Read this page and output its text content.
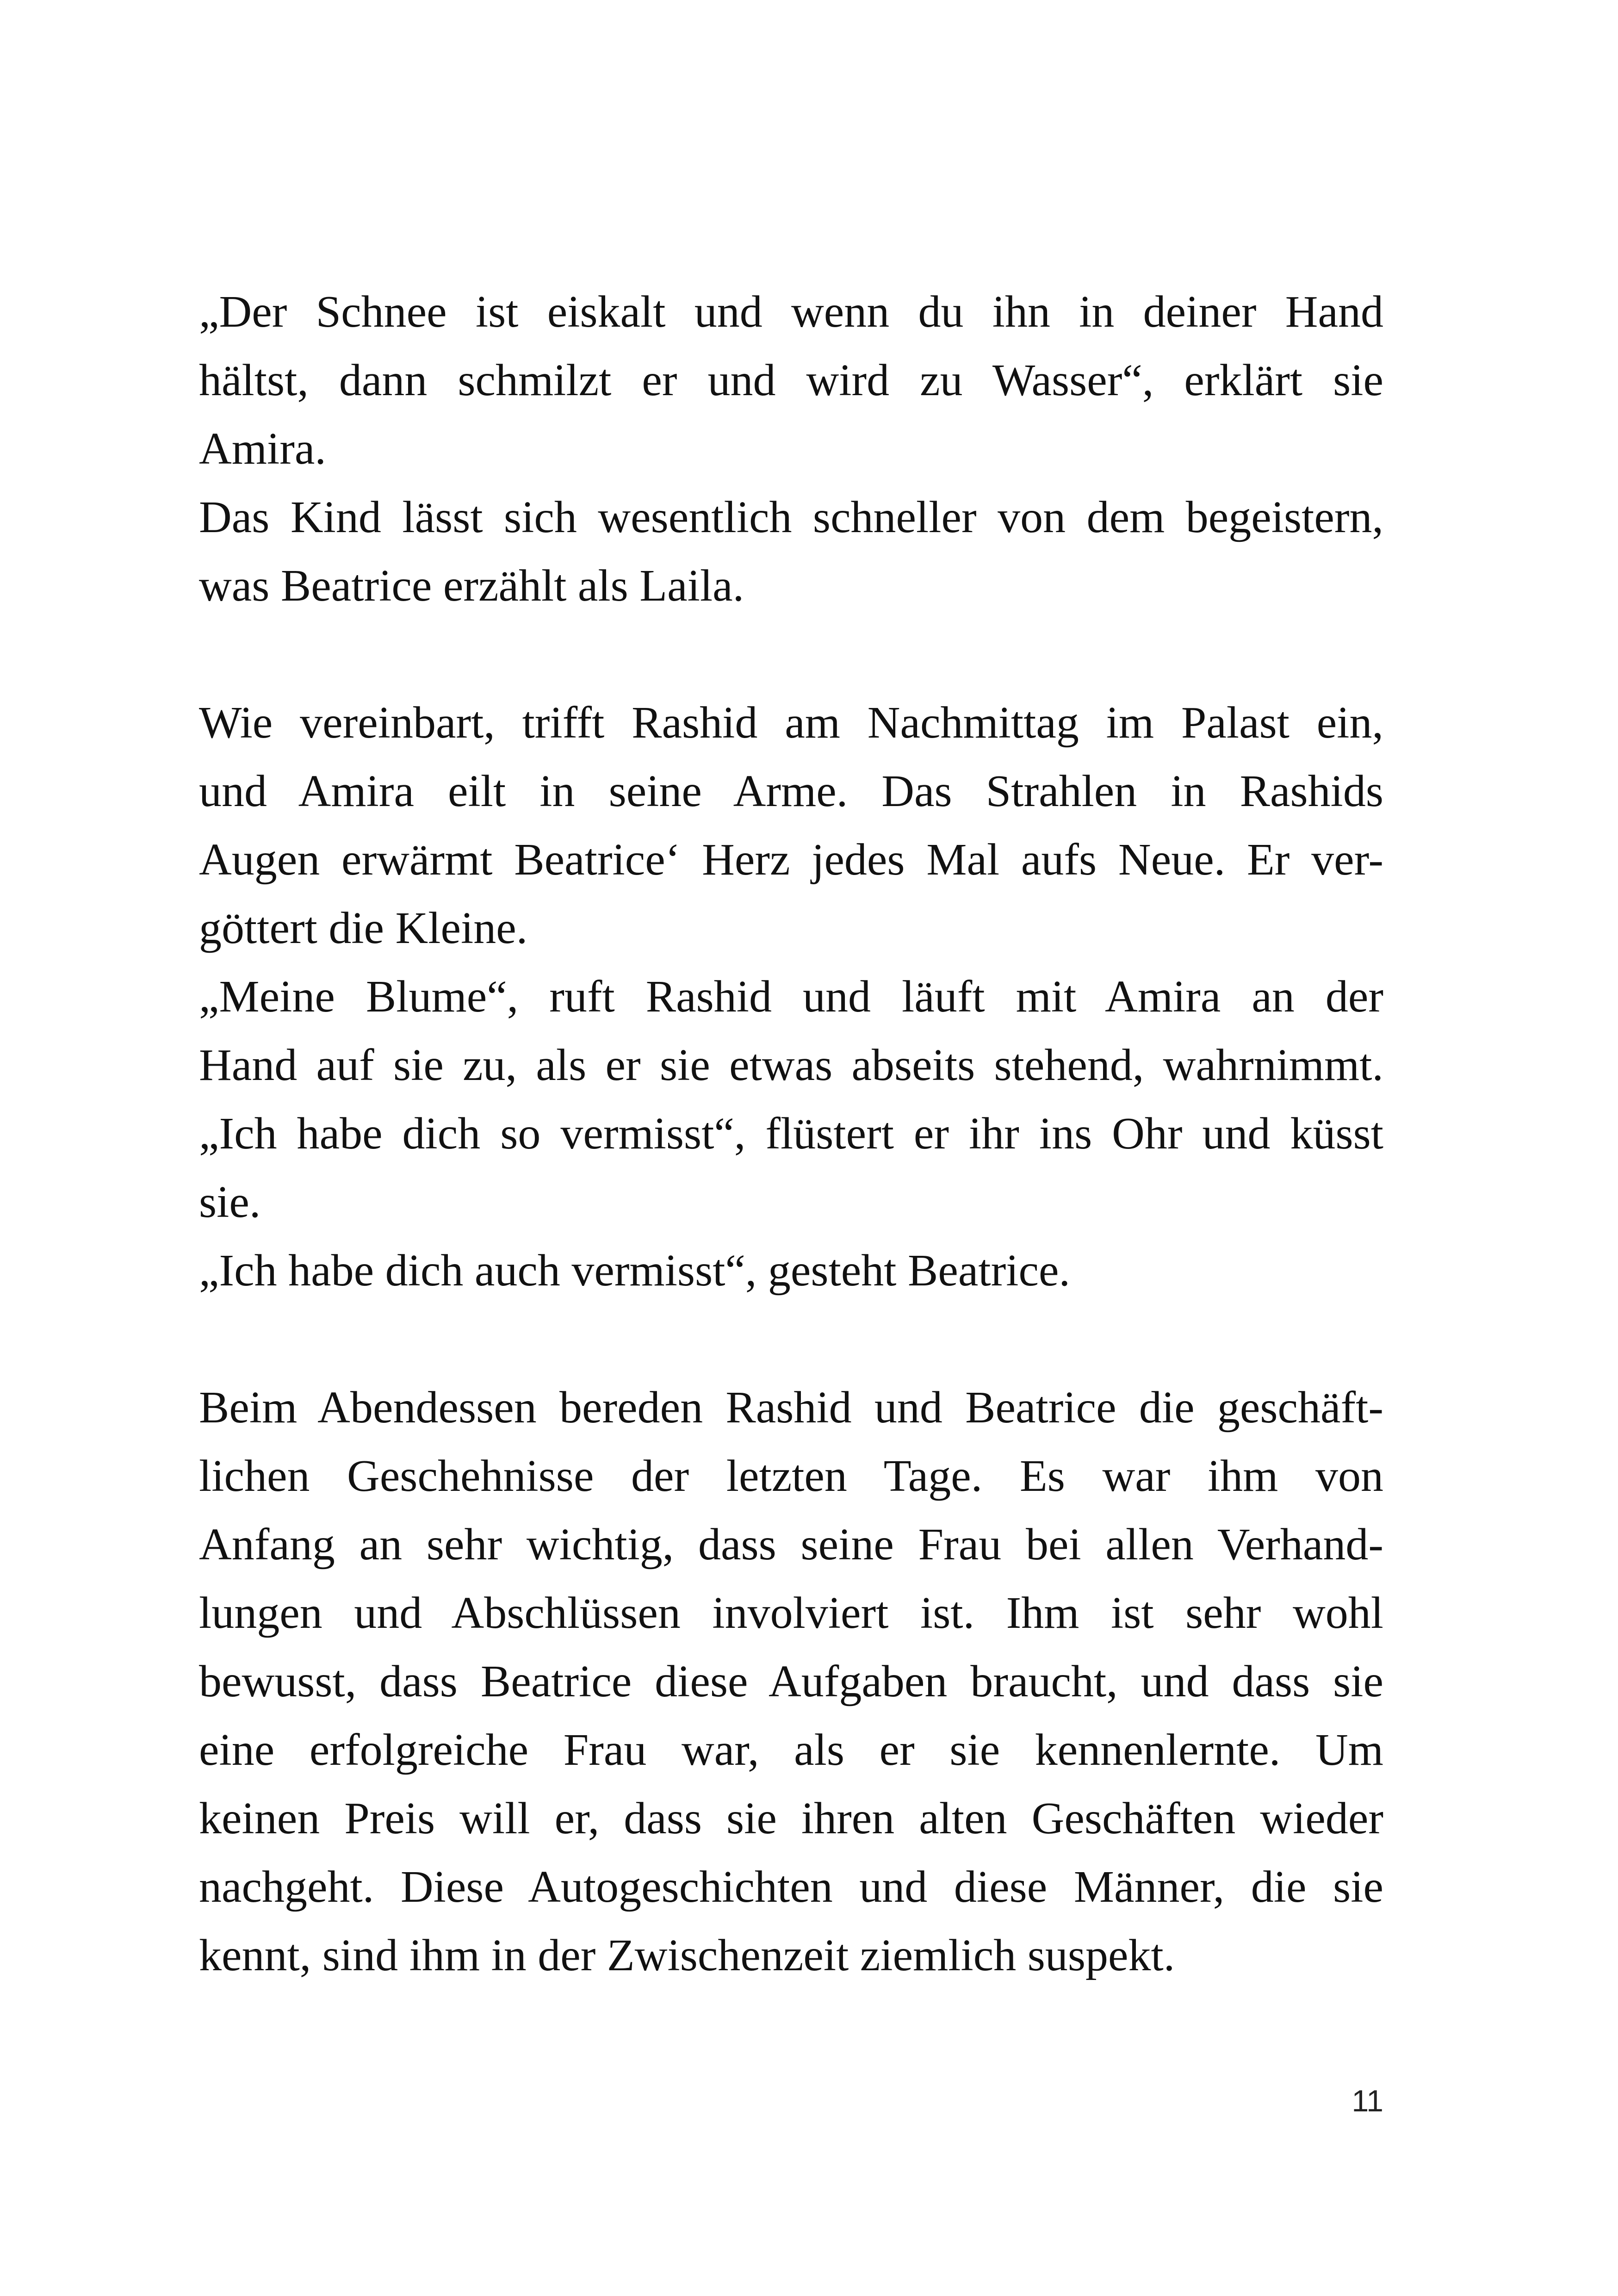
„Der Schnee ist eiskalt und wenn du ihn in deiner Hand
hältst, dann schmilzt er und wird zu Wasser“, erklärt sie
Amira.
Das Kind lässt sich wesentlich schneller von dem begeistern,
was Beatrice erzählt als Laila.
Wie vereinbart, trifft Rashid am Nachmittag im Palast ein,
und Amira eilt in seine Arme. Das Strahlen in Rashids
Augen erwärmt Beatrice‘ Herz jedes Mal aufs Neue. Er ver-
göttert die Kleine.
„Meine Blume“, ruft Rashid und läuft mit Amira an der
Hand auf sie zu, als er sie etwas abseits stehend, wahrnimmt.
„Ich habe dich so vermisst“, flüstert er ihr ins Ohr und küsst
sie.
„Ich habe dich auch vermisst“, gesteht Beatrice.
Beim Abendessen bereden Rashid und Beatrice die geschäft-
lichen Geschehnisse der letzten Tage. Es war ihm von
Anfang an sehr wichtig, dass seine Frau bei allen Verhand-
lungen und Abschlüssen involviert ist. Ihm ist sehr wohl
bewusst, dass Beatrice diese Aufgaben braucht, und dass sie
eine erfolgreiche Frau war, als er sie kennenlernte. Um
keinen Preis will er, dass sie ihren alten Geschäften wieder
nachgeht. Diese Autogeschichten und diese Männer, die sie
kennt, sind ihm in der Zwischenzeit ziemlich suspekt.
11
